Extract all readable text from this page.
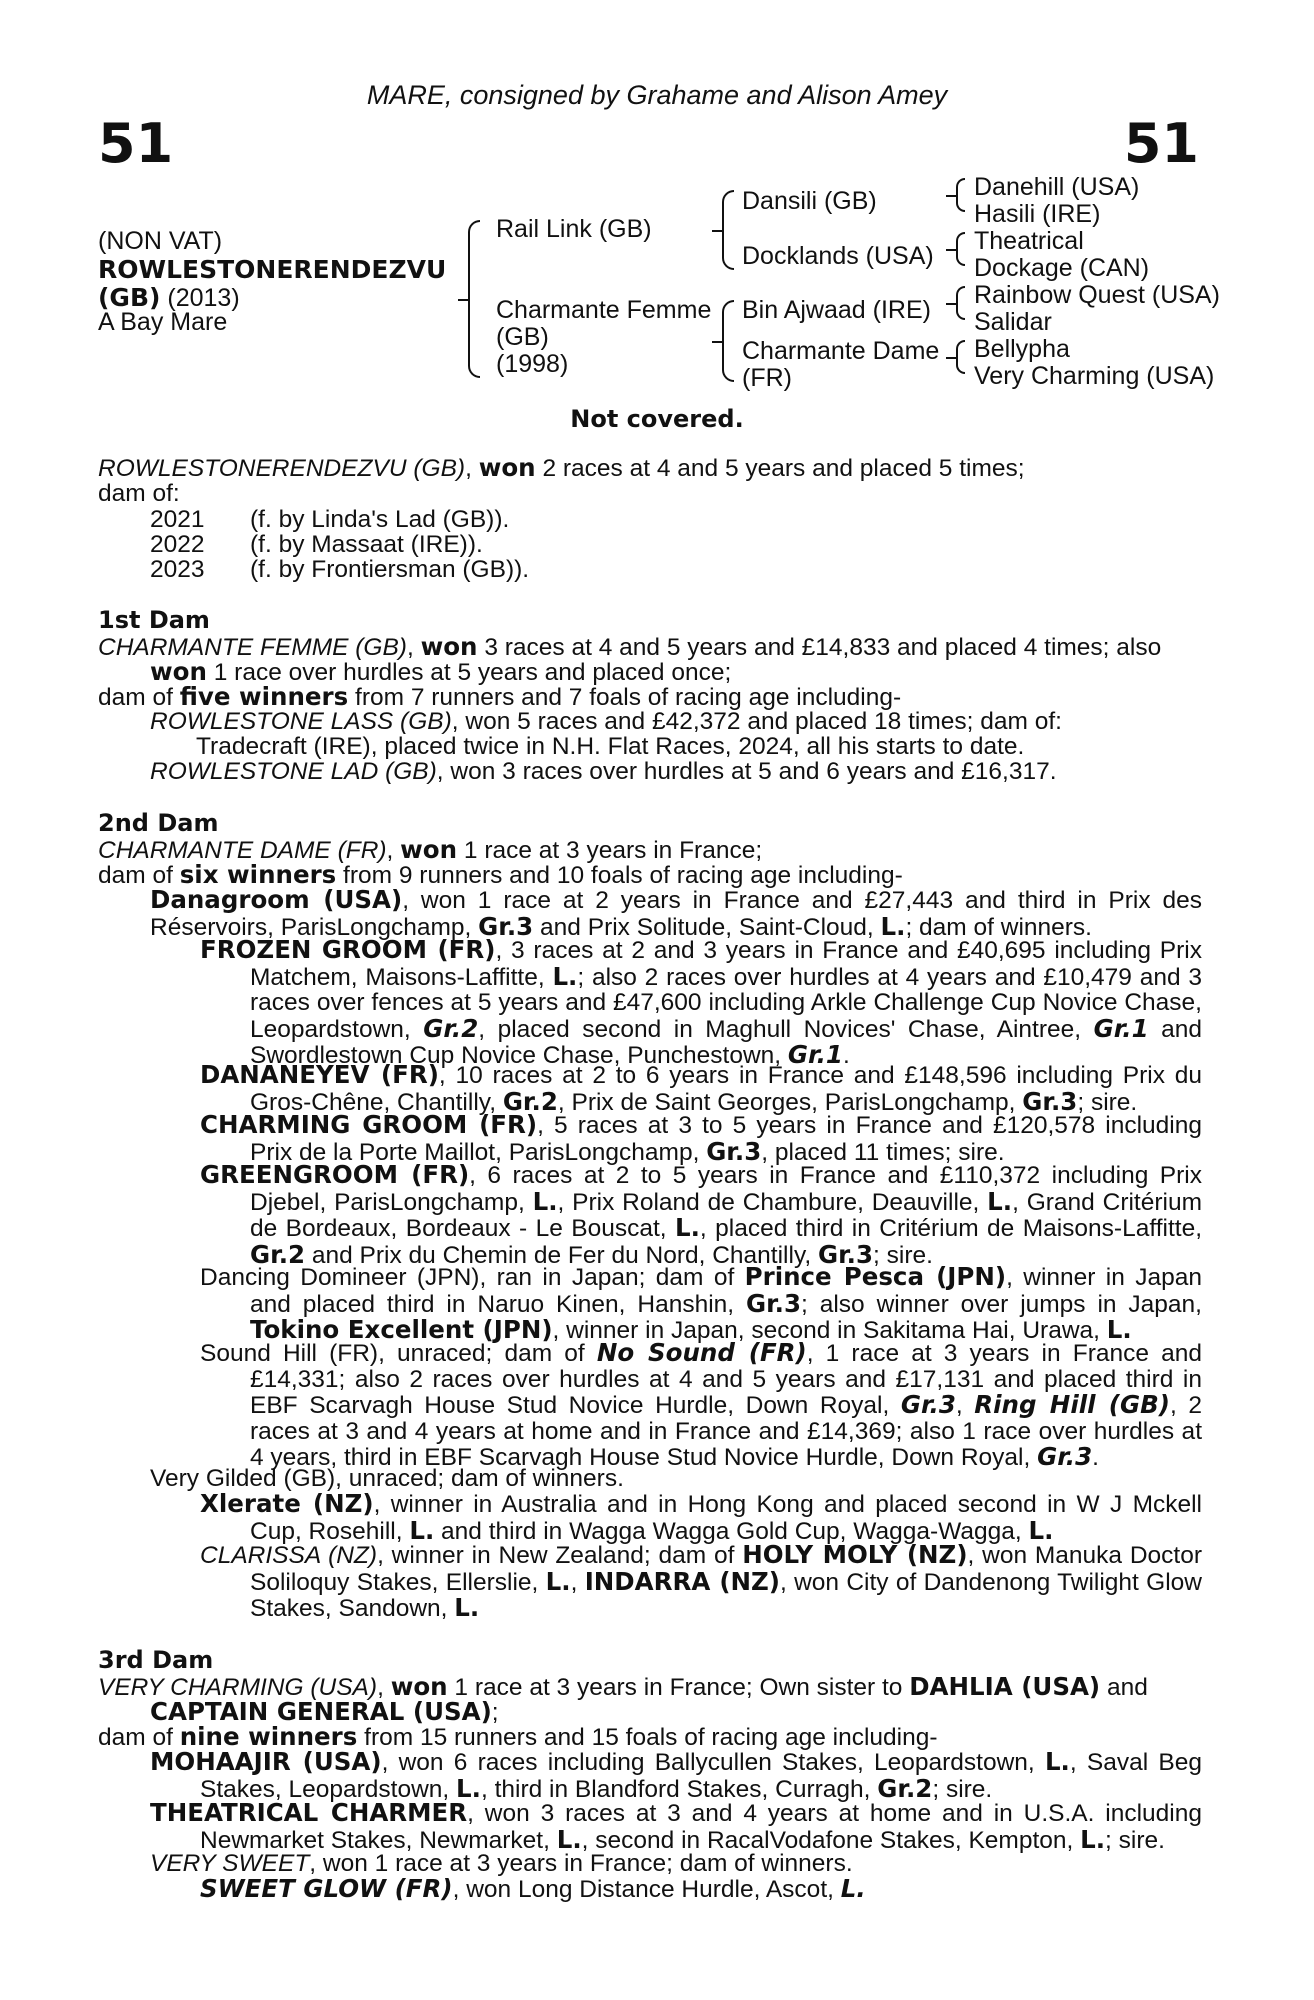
MARE, consigned by Grahame and Alison Amey
51	51
(NON VAT)
ROWLESTONERENDEZVU
(GB) (2013)
A Bay Mare
Rail Link (GB)
Charmante Femme
(GB)
(1998)
Dansili (GB)
Docklands (USA)
Bin Ajwaad (IRE)
Charmante Dame
(FR)
Danehill (USA)
Hasili (IRE)
Theatrical
Dockage (CAN)
Rainbow Quest (USA)
Salidar
Bellypha
Very Charming (USA)
Not covered.
ROWLESTONERENDEZVU (GB), won 2 races at 4 and 5 years and placed 5 times;
dam of:
2021 (f. by Linda's Lad (GB)).
2022 (f. by Massaat (IRE)).
2023 (f. by Frontiersman (GB)).
1st Dam
CHARMANTE FEMME (GB), won 3 races at 4 and 5 years and £14,833 and placed 4 times; also
won 1 race over hurdles at 5 years and placed once;
dam of five winners from 7 runners and 7 foals of racing age including-
ROWLESTONE LASS (GB), won 5 races and £42,372 and placed 18 times; dam of:
Tradecraft (IRE), placed twice in N.H. Flat Races, 2024, all his starts to date.
ROWLESTONE LAD (GB), won 3 races over hurdles at 5 and 6 years and £16,317.
2nd Dam
CHARMANTE DAME (FR), won 1 race at 3 years in France;
dam of six winners from 9 runners and 10 foals of racing age including-
Danagroom (USA), won 1 race at 2 years in France and £27,443 and third in Prix des Réservoirs, ParisLongchamp, Gr.3 and Prix Solitude, Saint-Cloud, L.; dam of winners.
FROZEN GROOM (FR), 3 races at 2 and 3 years in France and £40,695 including Prix Matchem, Maisons-Laffitte, L.; also 2 races over hurdles at 4 years and £10,479 and 3 races over fences at 5 years and £47,600 including Arkle Challenge Cup Novice Chase, Leopardstown, Gr.2, placed second in Maghull Novices' Chase, Aintree, Gr.1 and Swordlestown Cup Novice Chase, Punchestown, Gr.1.
DANANEYEV (FR), 10 races at 2 to 6 years in France and £148,596 including Prix du Gros-Chêne, Chantilly, Gr.2, Prix de Saint Georges, ParisLongchamp, Gr.3; sire.
CHARMING GROOM (FR), 5 races at 3 to 5 years in France and £120,578 including Prix de la Porte Maillot, ParisLongchamp, Gr.3, placed 11 times; sire.
GREENGROOM (FR), 6 races at 2 to 5 years in France and £110,372 including Prix Djebel, ParisLongchamp, L., Prix Roland de Chambure, Deauville, L., Grand Critérium de Bordeaux, Bordeaux - Le Bouscat, L., placed third in Critérium de Maisons-Laffitte, Gr.2 and Prix du Chemin de Fer du Nord, Chantilly, Gr.3; sire.
Dancing Domineer (JPN), ran in Japan; dam of Prince Pesca (JPN), winner in Japan and placed third in Naruo Kinen, Hanshin, Gr.3; also winner over jumps in Japan, Tokino Excellent (JPN), winner in Japan, second in Sakitama Hai, Urawa, L.
Sound Hill (FR), unraced; dam of No Sound (FR), 1 race at 3 years in France and £14,331; also 2 races over hurdles at 4 and 5 years and £17,131 and placed third in EBF Scarvagh House Stud Novice Hurdle, Down Royal, Gr.3, Ring Hill (GB), 2 races at 3 and 4 years at home and in France and £14,369; also 1 race over hurdles at 4 years, third in EBF Scarvagh House Stud Novice Hurdle, Down Royal, Gr.3.
Very Gilded (GB), unraced; dam of winners.
Xlerate (NZ), winner in Australia and in Hong Kong and placed second in W J Mckell Cup, Rosehill, L. and third in Wagga Wagga Gold Cup, Wagga-Wagga, L.
CLARISSA (NZ), winner in New Zealand; dam of HOLY MOLY (NZ), won Manuka Doctor Soliloquy Stakes, Ellerslie, L., INDARRA (NZ), won City of Dandenong Twilight Glow Stakes, Sandown, L.
3rd Dam
VERY CHARMING (USA), won 1 race at 3 years in France; Own sister to DAHLIA (USA) and
CAPTAIN GENERAL (USA);
dam of nine winners from 15 runners and 15 foals of racing age including-
MOHAAJIR (USA), won 6 races including Ballycullen Stakes, Leopardstown, L., Saval Beg Stakes, Leopardstown, L., third in Blandford Stakes, Curragh, Gr.2; sire.
THEATRICAL CHARMER, won 3 races at 3 and 4 years at home and in U.S.A. including Newmarket Stakes, Newmarket, L., second in RacalVodafone Stakes, Kempton, L.; sire.
VERY SWEET, won 1 race at 3 years in France; dam of winners.
SWEET GLOW (FR), won Long Distance Hurdle, Ascot, L.
